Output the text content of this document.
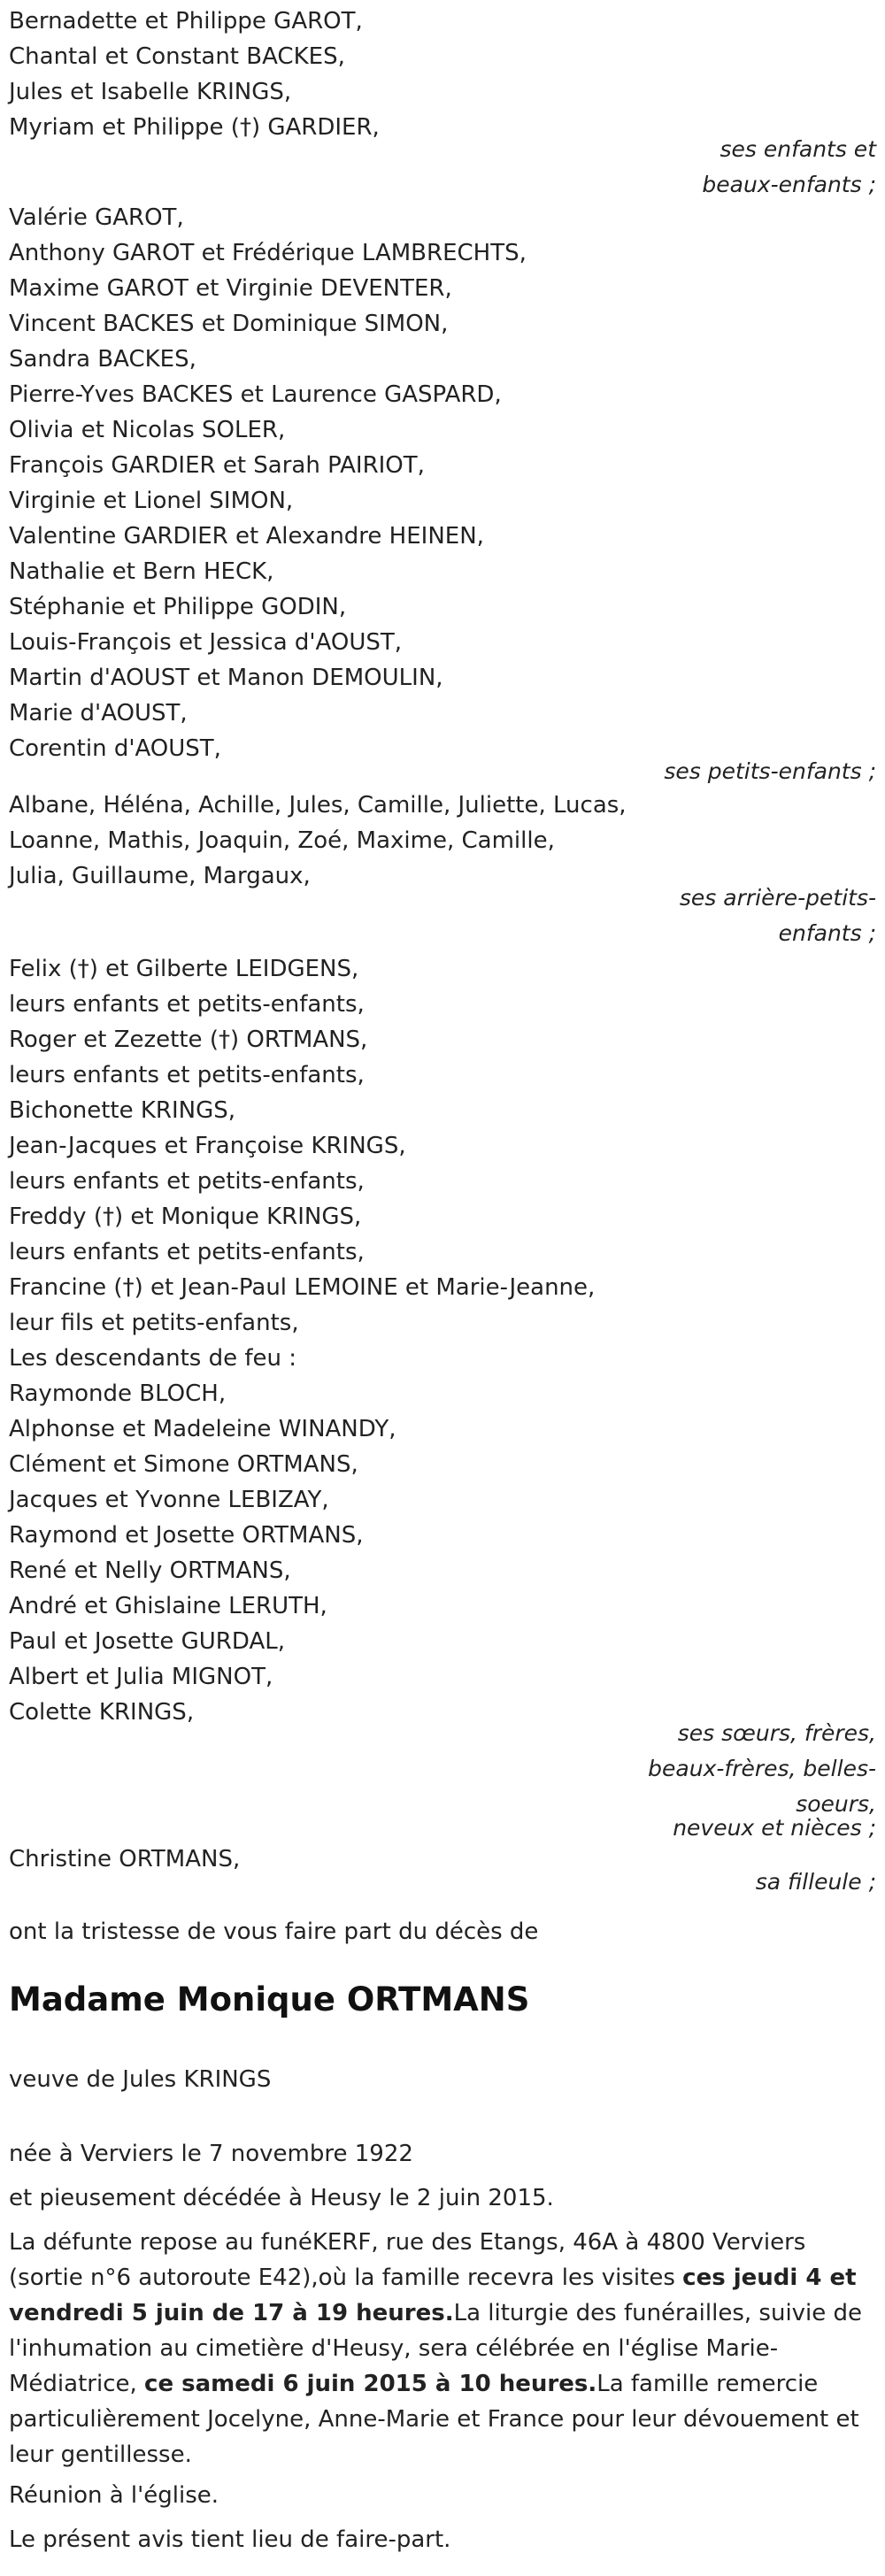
Bernadette et Philippe GAROT,

Chantal et Constant BACKES,

Jules et Isabelle KRINGS,

Myriam et Philippe (†) GARDIER,

ses enfants et

beaux-enfants ;

Valérie GAROT,

Anthony GAROT et Frédérique LAMBRECHTS,

Maxime GAROT et Virginie DEVENTER,

Vincent BACKES et Dominique SIMON,

Sandra BACKES,

Pierre-Yves BACKES et Laurence GASPARD,

Olivia et Nicolas SOLER,

François GARDIER et Sarah PAIRIOT,

Virginie et Lionel SIMON,

Valentine GARDIER et Alexandre HEINEN,

Nathalie et Bern HECK,

Stéphanie et Philippe GODIN,

Louis-François et Jessica d'AOUST,

Martin d'AOUST et Manon DEMOULIN,

Marie d'AOUST,

Corentin d'AOUST,

ses petits-enfants ;

Albane, Héléna, Achille, Jules, Camille, Juliette, Lucas,

Loanne, Mathis, Joaquin, Zoé, Maxime, Camille,

Julia, Guillaume, Margaux,

ses arrière-petits-

enfants ;

Felix (†) et Gilberte LEIDGENS,

leurs enfants et petits-enfants,

Roger et Zezette (†) ORTMANS,

leurs enfants et petits-enfants,

Bichonette KRINGS,

Jean-Jacques et Françoise KRINGS,

leurs enfants et petits-enfants,

Freddy (†) et Monique KRINGS,

leurs enfants et petits-enfants,

Francine (†) et Jean-Paul LEMOINE et Marie-Jeanne,

leur fils et petits-enfants,

Les descendants de feu :

Raymonde BLOCH,

Alphonse et Madeleine WINANDY,

Clément et Simone ORTMANS,

Jacques et Yvonne LEBIZAY,

Raymond et Josette ORTMANS,

René et Nelly ORTMANS,

André et Ghislaine LERUTH,

Paul et Josette GURDAL,

Albert et Julia MIGNOT,

Colette KRINGS,

ses sœurs, frères,

beaux-frères, belles-

soeurs,

neveux et nièces ;

Christine ORTMANS,

sa filleule ;

ont la tristesse de vous faire part du décès de

Madame Monique ORTMANS

veuve de Jules KRINGS

née à Verviers le 7 novembre 1922

et pieusement décédée à Heusy le 2 juin 2015.

La défunte repose au funéKERF, rue des Etangs, 46A à 4800 Verviers (sortie n°6 autoroute E42),où la famille recevra les visites ces jeudi 4 et vendredi 5 juin de 17 à 19 heures.La liturgie des funérailles, suivie de l'inhumation au cimetière d'Heusy, sera célébrée en l'église Marie-Médiatrice, ce samedi 6 juin 2015 à 10 heures.La famille remercie particulièrement Jocelyne, Anne-Marie et France pour leur dévouement et leur gentillesse.

Réunion à l'église.

Le présent avis tient lieu de faire-part.
